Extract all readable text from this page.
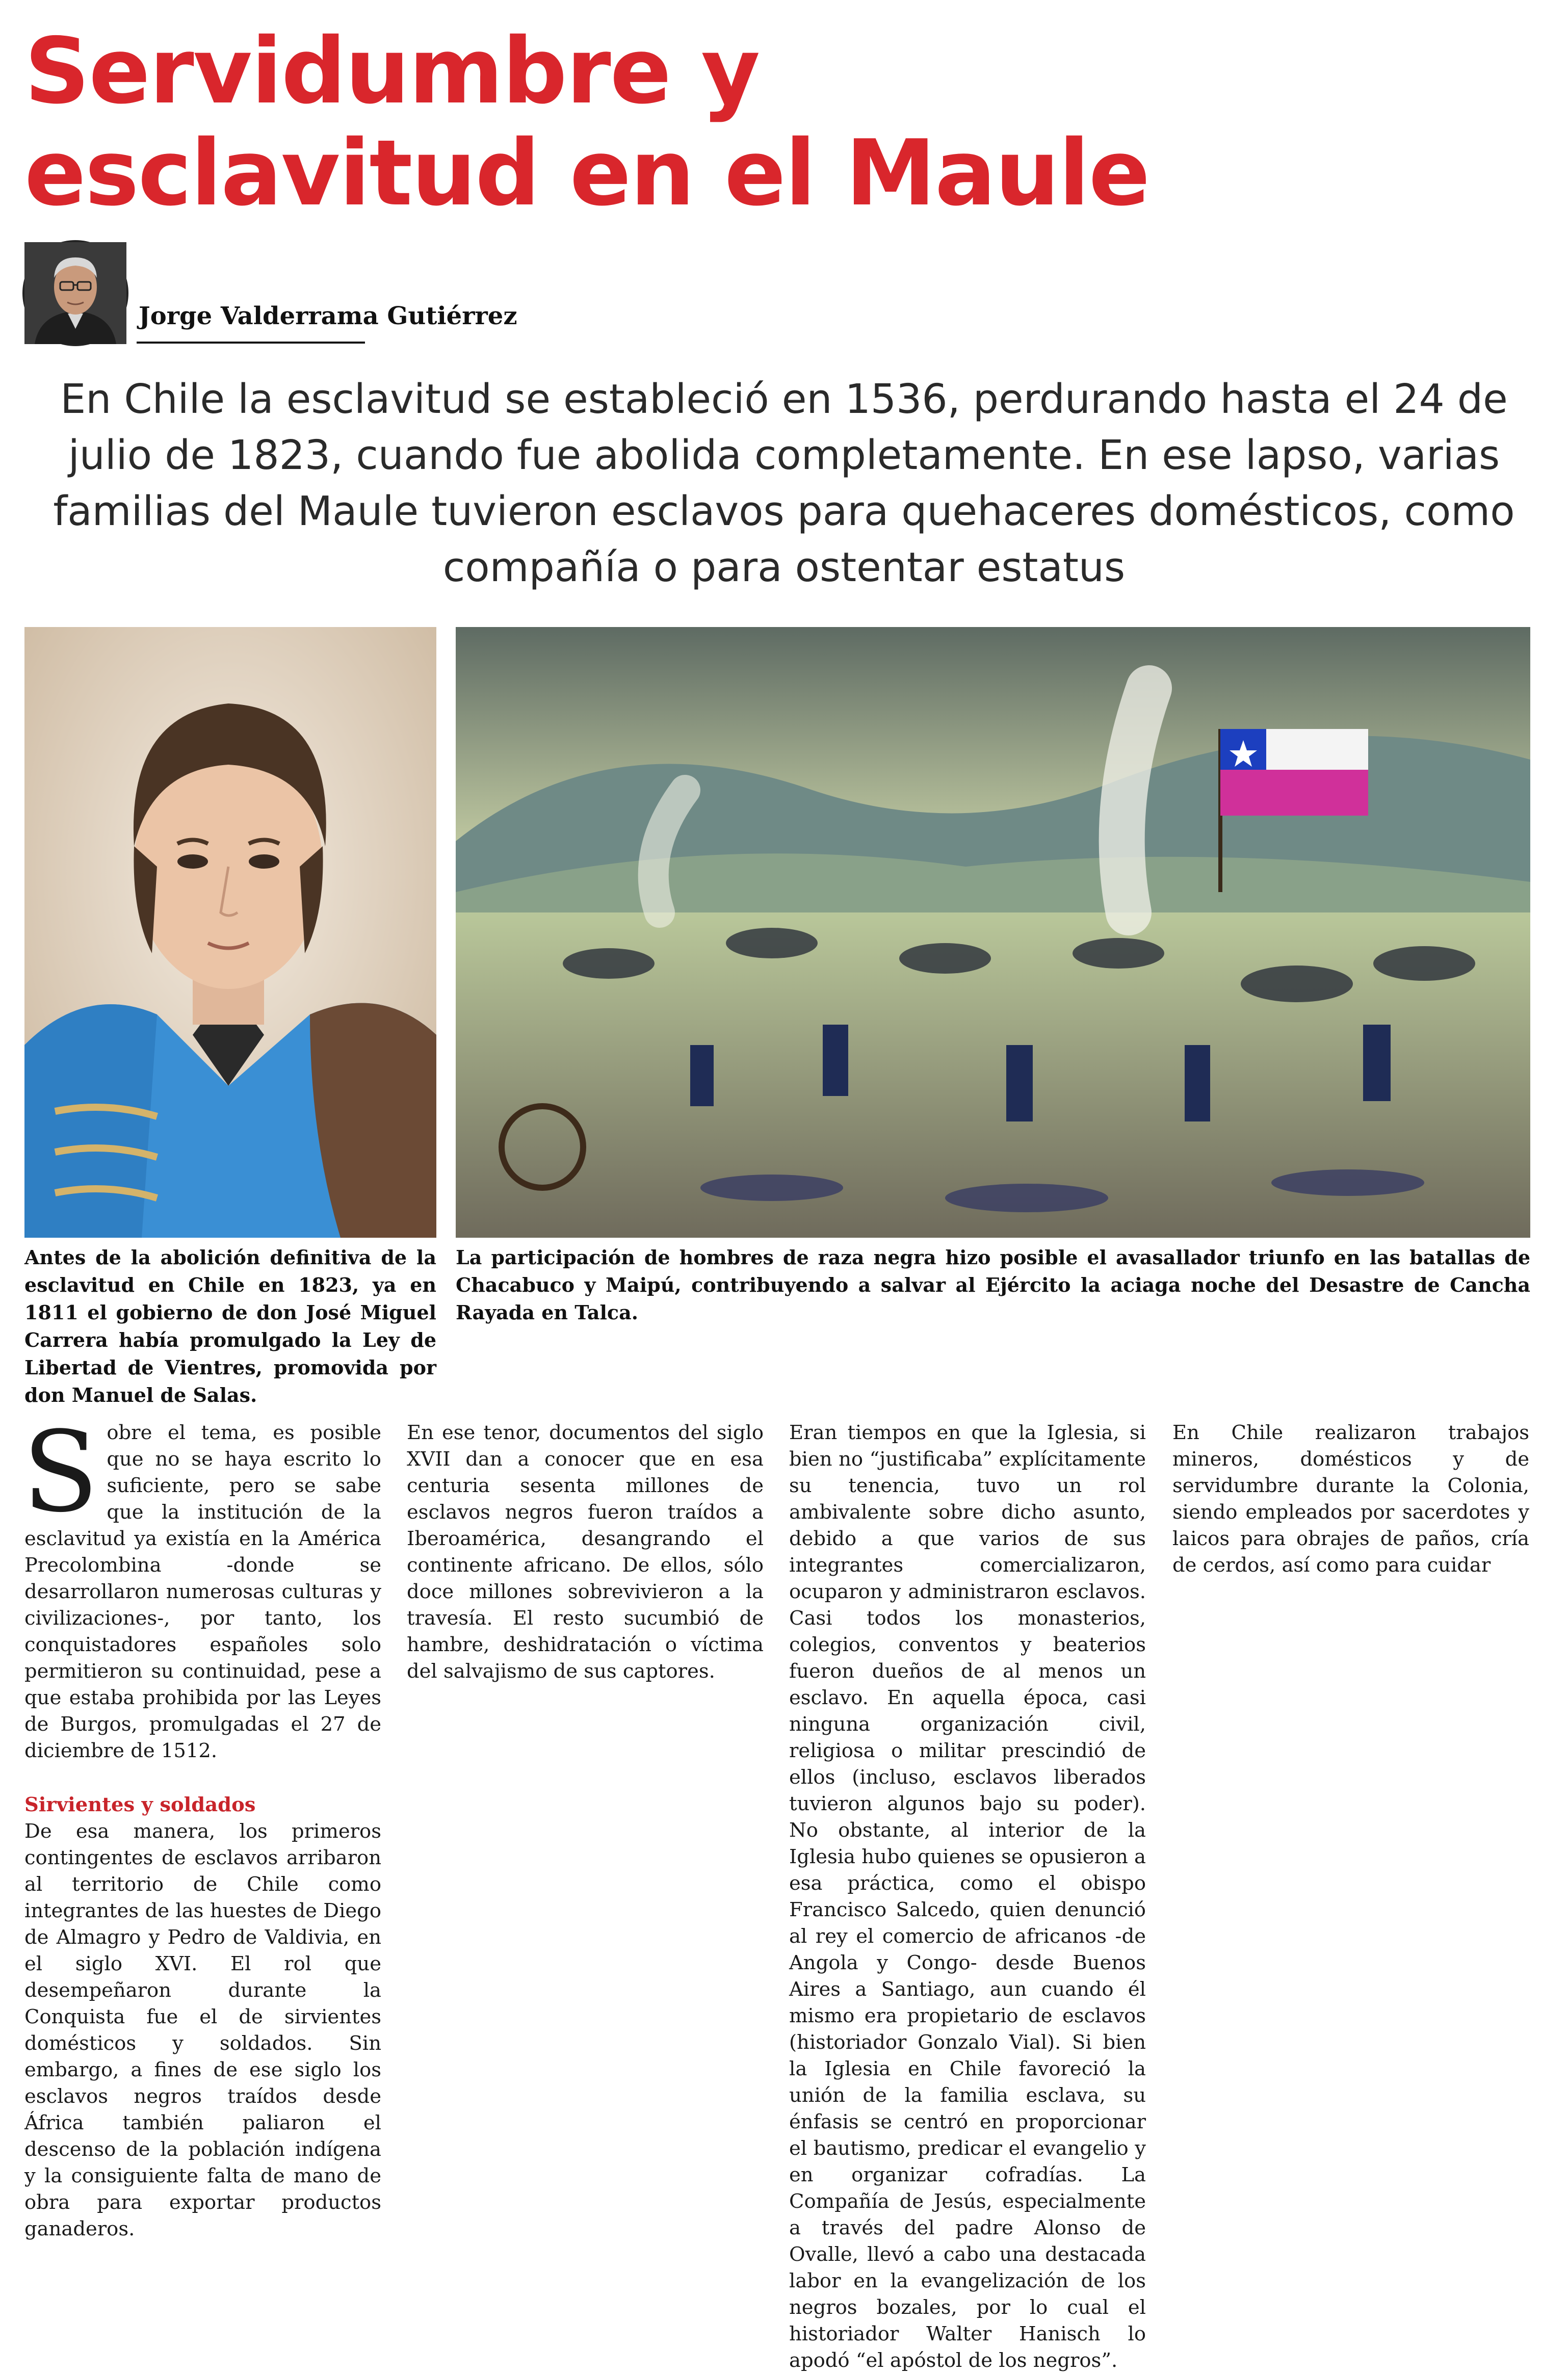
Servidumbre y
esclavitud en el Maule

Jorge Valderrama Gutiérrez

En Chile la esclavitud se estableció en 1536, perdurando hasta el 24 de julio de 1823, cuando fue abolida completamente. En ese lapso, varias familias del Maule tuvieron esclavos para quehaceres domésticos, como compañía o para ostentar estatus

Antes de la abolición definitiva de la esclavitud en Chile en 1823, ya en 1811 el gobierno de don José Miguel Carrera había promulgado la Ley de Libertad de Vientres, promovida por don Manuel de Salas.

La participación de hombres de raza negra hizo posible el avasallador triunfo en las batallas de Chacabuco y Maipú, contribuyendo a salvar al Ejército la aciaga noche del Desastre de Cancha Rayada en Talca.

Sobre el tema, es posible que no se haya escrito lo suficiente, pero se sabe que la institución de la esclavitud ya existía en la América Precolombina -donde se desarrollaron numerosas culturas y civilizaciones-, por tanto, los conquistadores españoles solo permitieron su continuidad, pese a que estaba prohibida por las Leyes de Burgos, promulgadas el 27 de diciembre de 1512.

Sirvientes y soldados

De esa manera, los primeros contingentes de esclavos arribaron al territorio de Chile como integrantes de las huestes de Diego de Almagro y Pedro de Valdivia, en el siglo XVI. El rol que desempeñaron durante la Conquista fue el de sirvientes domésticos y soldados. Sin embargo, a fines de ese siglo los esclavos negros traídos desde África también paliaron el descenso de la población indígena y la consiguiente falta de mano de obra para exportar productos ganaderos.

En ese tenor, documentos del siglo XVII dan a conocer que en esa centuria sesenta millones de esclavos negros fueron traídos a Iberoamérica, desangrando el continente africano. De ellos, sólo doce millones sobrevivieron a la travesía. El resto sucumbió de hambre, deshidratación o víctima del salvajismo de sus captores.

Eran tiempos en que la Iglesia, si bien no “justificaba” explícitamente su tenencia, tuvo un rol ambivalente sobre dicho asunto, debido a que varios de sus integrantes comercializaron, ocuparon y administraron esclavos. Casi todos los monasterios, colegios, conventos y beaterios fueron dueños de al menos un esclavo. En aquella época, casi ninguna organización civil, religiosa o militar prescindió de ellos (incluso, esclavos liberados tuvieron algunos bajo su poder). No obstante, al interior de la Iglesia hubo quienes se opusieron a esa práctica, como el obispo Francisco Salcedo, quien denunció al rey el comercio de africanos -de Angola y Congo- desde Buenos Aires a Santiago, aun cuando él mismo era propietario de esclavos (historiador Gonzalo Vial). Si bien la Iglesia en Chile favoreció la unión de la familia esclava, su énfasis se centró en proporcionar el bautismo, predicar el evangelio y en organizar cofradías. La Compañía de Jesús, especialmente a través del padre Alonso de Ovalle, llevó a cabo una destacada labor en la evangelización de los negros bozales, por lo cual el historiador Walter Hanisch lo apodó “el apóstol de los negros”.

En Chile realizaron trabajos mineros, domésticos y de servidumbre durante la Colonia, siendo empleados por sacerdotes y laicos para obrajes de paños, cría de cerdos, así como para cuidar
